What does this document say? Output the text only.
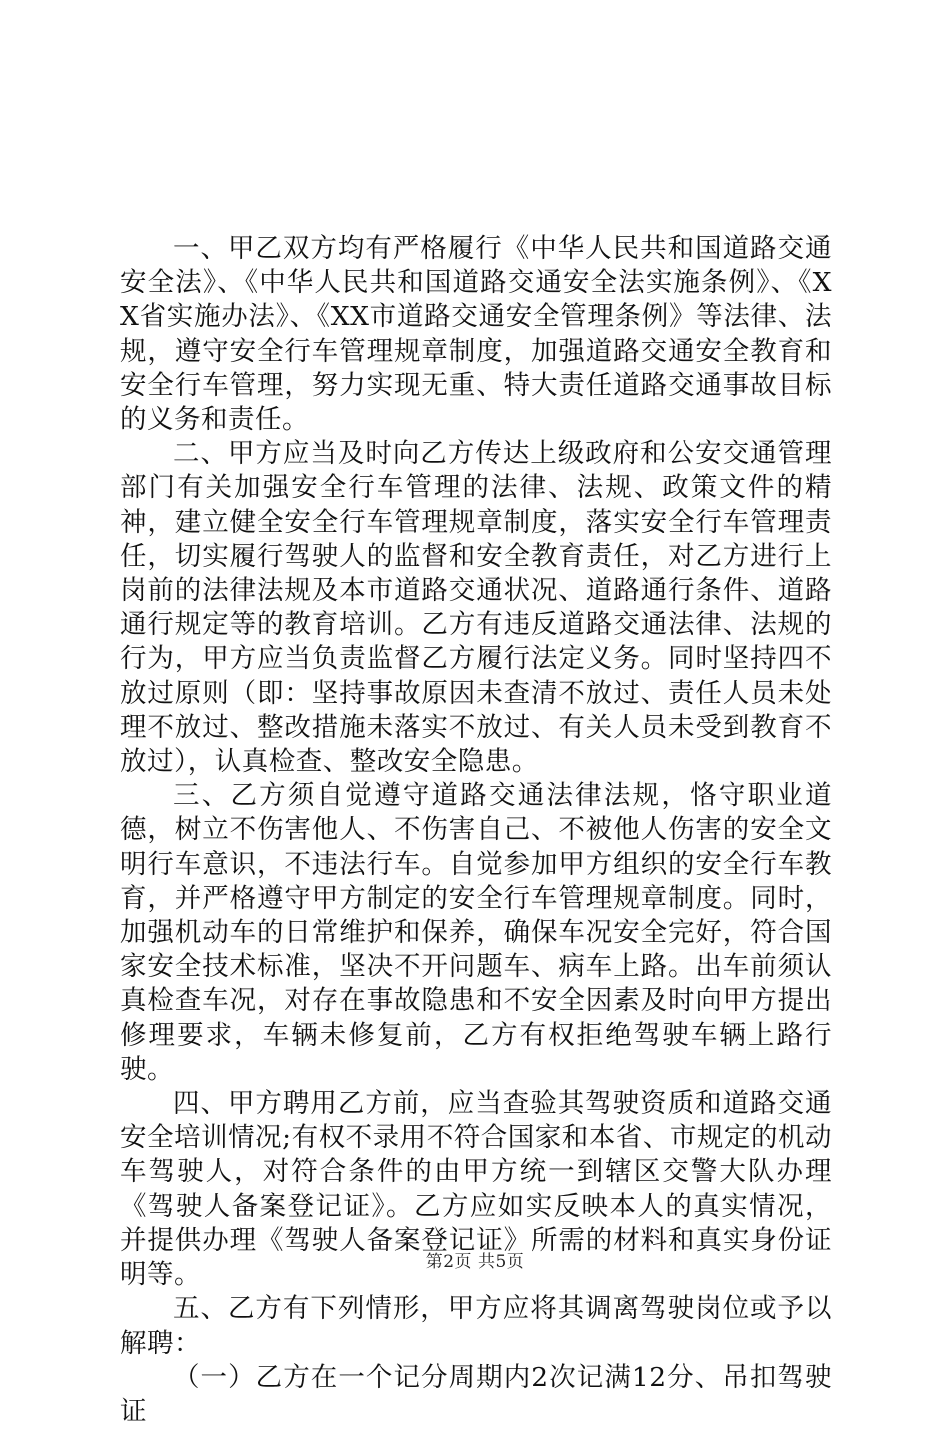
一、甲乙双方均有严格履行《中华人民共和国道路交通安全法》、《中华人民共和国道路交通安全法实施条例》、《XX省实施办法》、《XX市道路交通安全管理条例》等法律、法规，遵守安全行车管理规章制度，加强道路交通安全教育和安全行车管理，努力实现无重、特大责任道路交通事故目标的义务和责任。

二、甲方应当及时向乙方传达上级政府和公安交通管理部门有关加强安全行车管理的法律、法规、政策文件的精神，建立健全安全行车管理规章制度，落实安全行车管理责任，切实履行驾驶人的监督和安全教育责任，对乙方进行上岗前的法律法规及本市道路交通状况、道路通行条件、道路通行规定等的教育培训。乙方有违反道路交通法律、法规的行为，甲方应当负责监督乙方履行法定义务。同时坚持四不放过原则（即：坚持事故原因未查清不放过、责任人员未处理不放过、整改措施未落实不放过、有关人员未受到教育不放过），认真检查、整改安全隐患。

三、乙方须自觉遵守道路交通法律法规，恪守职业道德，树立不伤害他人、不伤害自己、不被他人伤害的安全文明行车意识，不违法行车。自觉参加甲方组织的安全行车教育，并严格遵守甲方制定的安全行车管理规章制度。同时，加强机动车的日常维护和保养，确保车况安全完好，符合国家安全技术标准，坚决不开问题车、病车上路。出车前须认真检查车况，对存在事故隐患和不安全因素及时向甲方提出修理要求，车辆未修复前，乙方有权拒绝驾驶车辆上路行驶。

四、甲方聘用乙方前，应当查验其驾驶资质和道路交通安全培训情况;有权不录用不符合国家和本省、市规定的机动车驾驶人，对符合条件的由甲方统一到辖区交警大队办理《驾驶人备案登记证》。乙方应如实反映本人的真实情况，并提供办理《驾驶人备案登记证》所需的材料和真实身份证明等。

五、乙方有下列情形，甲方应将其调离驾驶岗位或予以解聘：

（一）乙方在一个记分周期内2次记满12分、吊扣驾驶证

第2页 共5页
